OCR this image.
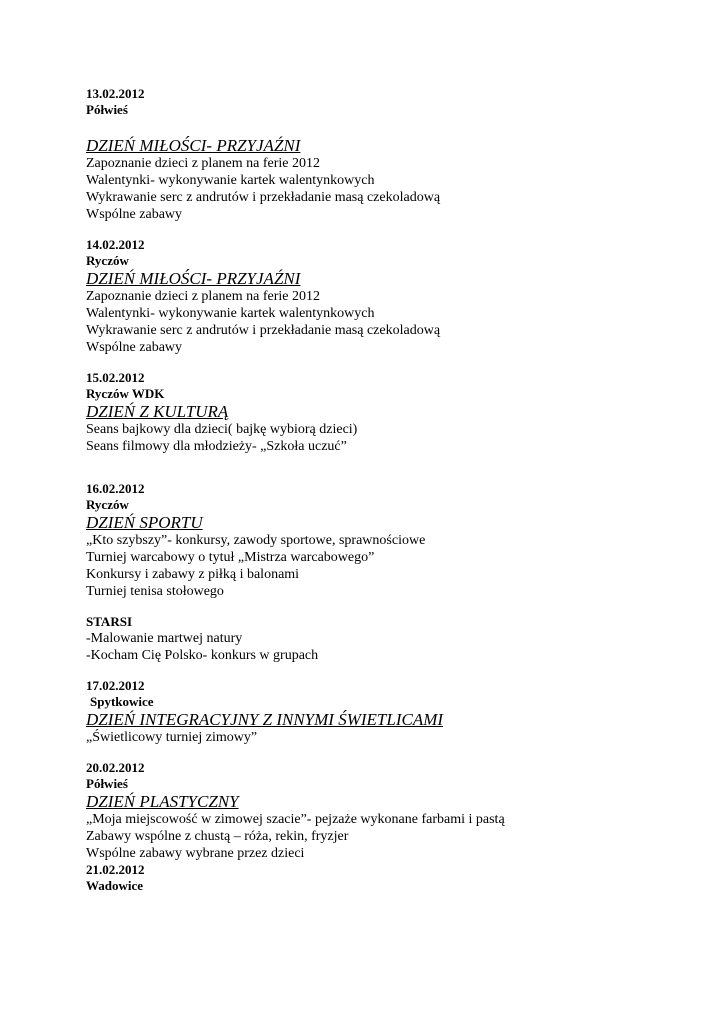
13.02.2012
Półwieś
DZIEŃ MIŁOŚCI- PRZYJAŹNI
Zapoznanie dzieci z planem na ferie 2012
Walentynki- wykonywanie kartek walentynkowych
Wykrawanie serc z andrutów i przekładanie masą czekoladową
Wspólne zabawy
14.02.2012
Ryczów
DZIEŃ MIŁOŚCI- PRZYJAŹNI
Zapoznanie dzieci z planem na ferie 2012
Walentynki- wykonywanie kartek walentynkowych
Wykrawanie serc z andrutów i przekładanie masą czekoladową
Wspólne zabawy
15.02.2012
Ryczów WDK
DZIEŃ Z KULTURĄ
Seans bajkowy dla dzieci( bajkę wybiorą dzieci)
Seans filmowy dla młodzieży- „Szkoła uczuć”
16.02.2012
Ryczów
DZIEŃ SPORTU
„Kto szybszy”- konkursy, zawody sportowe, sprawnościowe
Turniej warcabowy o tytuł „Mistrza warcabowego”
Konkursy i zabawy z piłką i balonami
Turniej tenisa stołowego
STARSI
-Malowanie martwej natury
-Kocham Cię Polsko- konkurs w grupach
17.02.2012
Spytkowice
DZIEŃ INTEGRACYJNY Z INNYMI ŚWIETLICAMI
„Świetlicowy turniej zimowy”
20.02.2012
Półwieś
DZIEŃ PLASTYCZNY
„Moja miejscowość w zimowej szacie”- pejzaże wykonane farbami i pastą
Zabawy wspólne z chustą – róża, rekin, fryzjer
Wspólne zabawy wybrane przez dzieci
21.02.2012
Wadowice
